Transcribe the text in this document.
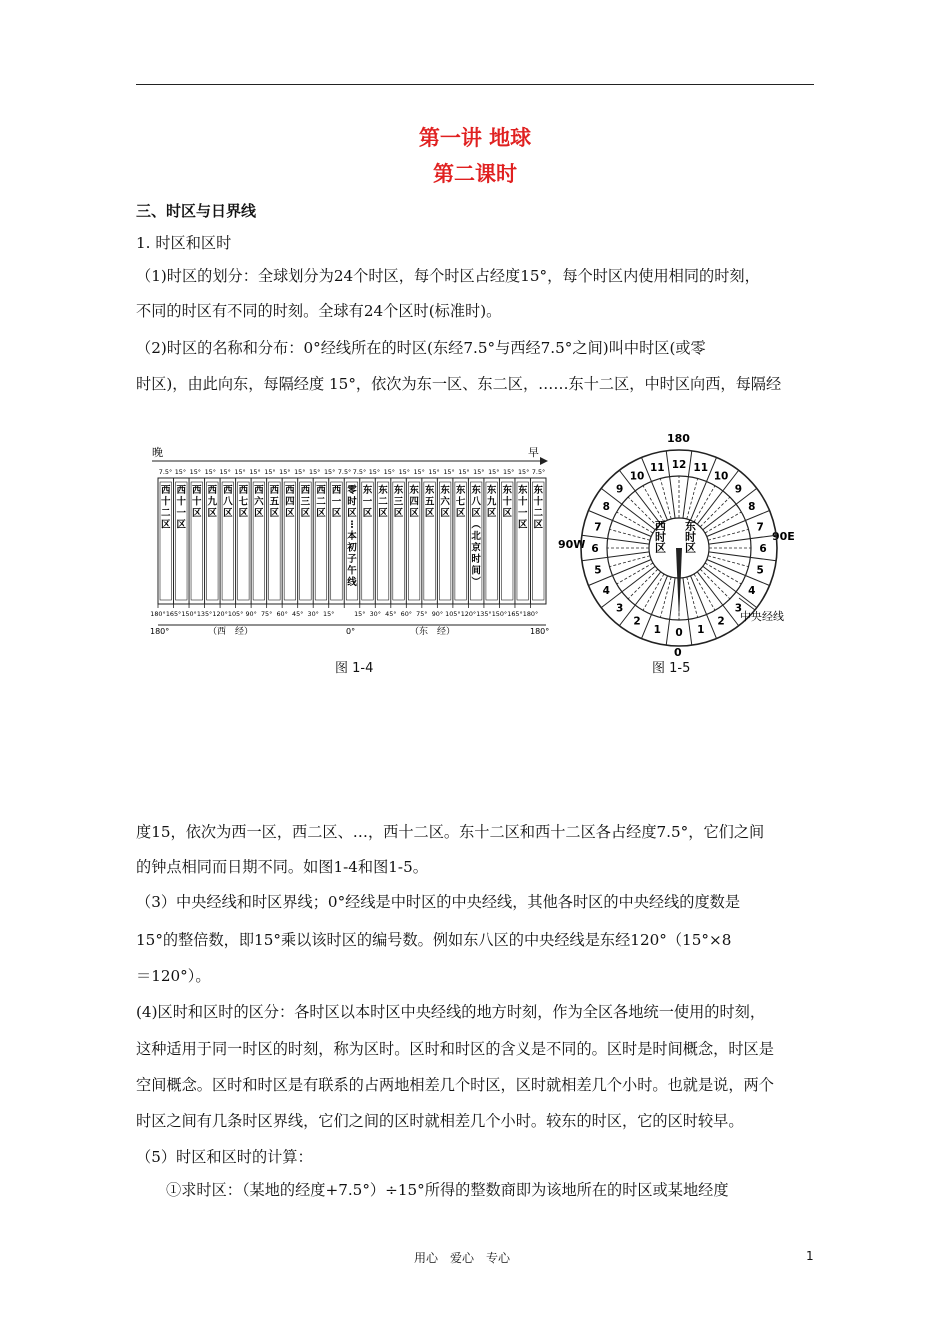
第一讲 地球
第二课时
三、时区与日界线
1. 时区和区时
（1)时区的划分：全球划分为24个时区，每个时区占经度15°，每个时区内使用相同的时刻，
不同的时区有不同的时刻。全球有24个区时(标准时)。
（2)时区的名称和分布：0°经线所在的时区(东经7.5°与西经7.5°之间)叫中时区(或零
时区)，由此向东，每隔经度 15°，依次为东一区、东二区，……东十二区，中时区向西，每隔经
晚	早
7.5° 15° 15° 15° 15° 15° 15° 15° 15° 15° 15° 15° 7.5° 7.5° 15° 15° 15° 15° 15° 15° 15° 15° 15° 15° 15° 7.5°
西
十
二
区
西
十
一
区
西
十
区
西
九
区
西
八
区
西
七
区
西
六
区
西
五
区
西
四
区
西
三
区
西
二
区
西
一
区
零
时
区
⋮
本
初
子
午
线
东
一
区
东
二
区
东
三
区
东
四
区
东
五
区
东
六
区
东
七
区
东
八
区
︵
北
京
时
间
︶
东
九
区
东
十
区
东
十
一
区
东
十
二
区
180° 165° 150° 135° 120° 105° 90° 75° 60° 45° 30° 15°	15° 30° 45° 60° 75° 90° 105° 120° 135° 150° 165° 180°
180°	（西　经）	0°	（东　经）	180°
180
0
90W
90E
0
1
2
3
4
5
6
7
8
9
10
11 12 11
10
9
8
7
6
5
4
3
2
1
西时区 东时区
中央经线
图 1-4	图 1-5
度15，依次为西一区，西二区、…，西十二区。东十二区和西十二区各占经度7.5°，它们之间
的钟点相同而日期不同。如图1-4和图1-5。
（3）中央经线和时区界线；0°经线是中时区的中央经线，其他各时区的中央经线的度数是
15°的整倍数，即15°乘以该时区的编号数。例如东八区的中央经线是东经120°（15°×8
＝120°）。
(4)区时和区时的区分：各时区以本时区中央经线的地方时刻，作为全区各地统一使用的时刻，
这种适用于同一时区的时刻，称为区时。区时和时区的含义是不同的。区时是时间概念，时区是
空间概念。区时和时区是有联系的占两地相差几个时区，区时就相差几个小时。也就是说，两个
时区之间有几条时区界线，它们之间的区时就相差几个小时。较东的时区，它的区时较早。
（5）时区和区时的计算：
①求时区：（某地的经度+7.5°）÷15°所得的整数商即为该地所在的时区或某地经度
用心　爱心　专心	1
